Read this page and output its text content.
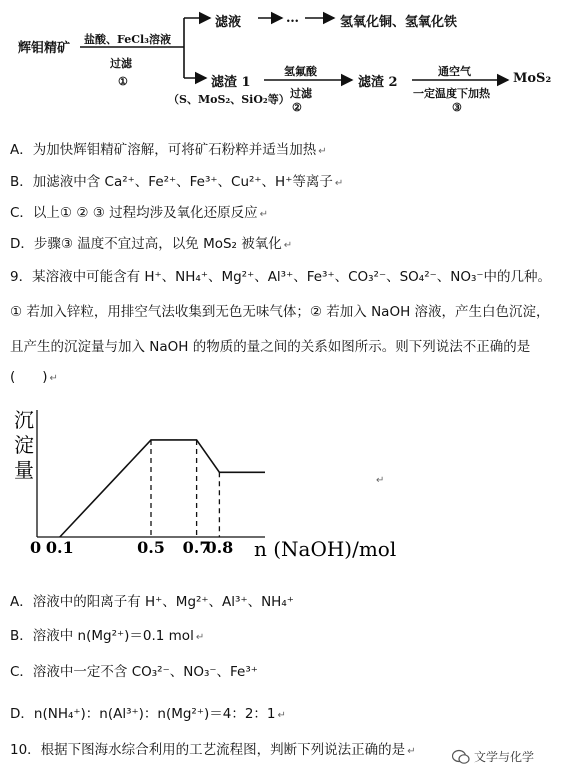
辉钼精矿
盐酸、FeCl₃溶液
过滤
①
滤液	…	氢氧化铜、氢氧化铁
滤渣 1
（S、MoS₂、SiO₂等）
氢氟酸
过滤
②
滤渣 2
通空气
一定温度下加热
③
MoS₂
A．为加快辉钼精矿溶解，可将矿石粉粹并适当加热 ↵
B．加滤液中含 Ca²⁺、Fe²⁺、Fe³⁺、Cu²⁺、H⁺等离子 ↵
C．以上① ② ③ 过程均涉及氧化还原反应 ↵
D．步骤③ 温度不宜过高，以免 MoS₂ 被氧化 ↵
9．某溶液中可能含有 H⁺、NH₄⁺、Mg²⁺、Al³⁺、Fe³⁺、CO₃²⁻、SO₄²⁻、NO₃⁻中的几种。
① 若加入锌粒，用排空气法收集到无色无味气体；② 若加入 NaOH 溶液，产生白色沉淀，
且产生的沉淀量与加入 NaOH 的物质的量之间的关系如图所示。则下列说法不正确的是
(　　) ↵
沉
淀
量
0	n (NaOH)/mol
0.1	0.5 0.7
0.8
↵
A．溶液中的阳离子有 H⁺、Mg²⁺、Al³⁺、NH₄⁺
B．溶液中 n(Mg²⁺)＝0.1 mol ↵
C．溶液中一定不含 CO₃²⁻、NO₃⁻、Fe³⁺
D．n(NH₄⁺)：n(Al³⁺)：n(Mg²⁺)＝4：2：1 ↵
10．根据下图海水综合利用的工艺流程图，判断下列说法正确的是 ↵	文学与化学
